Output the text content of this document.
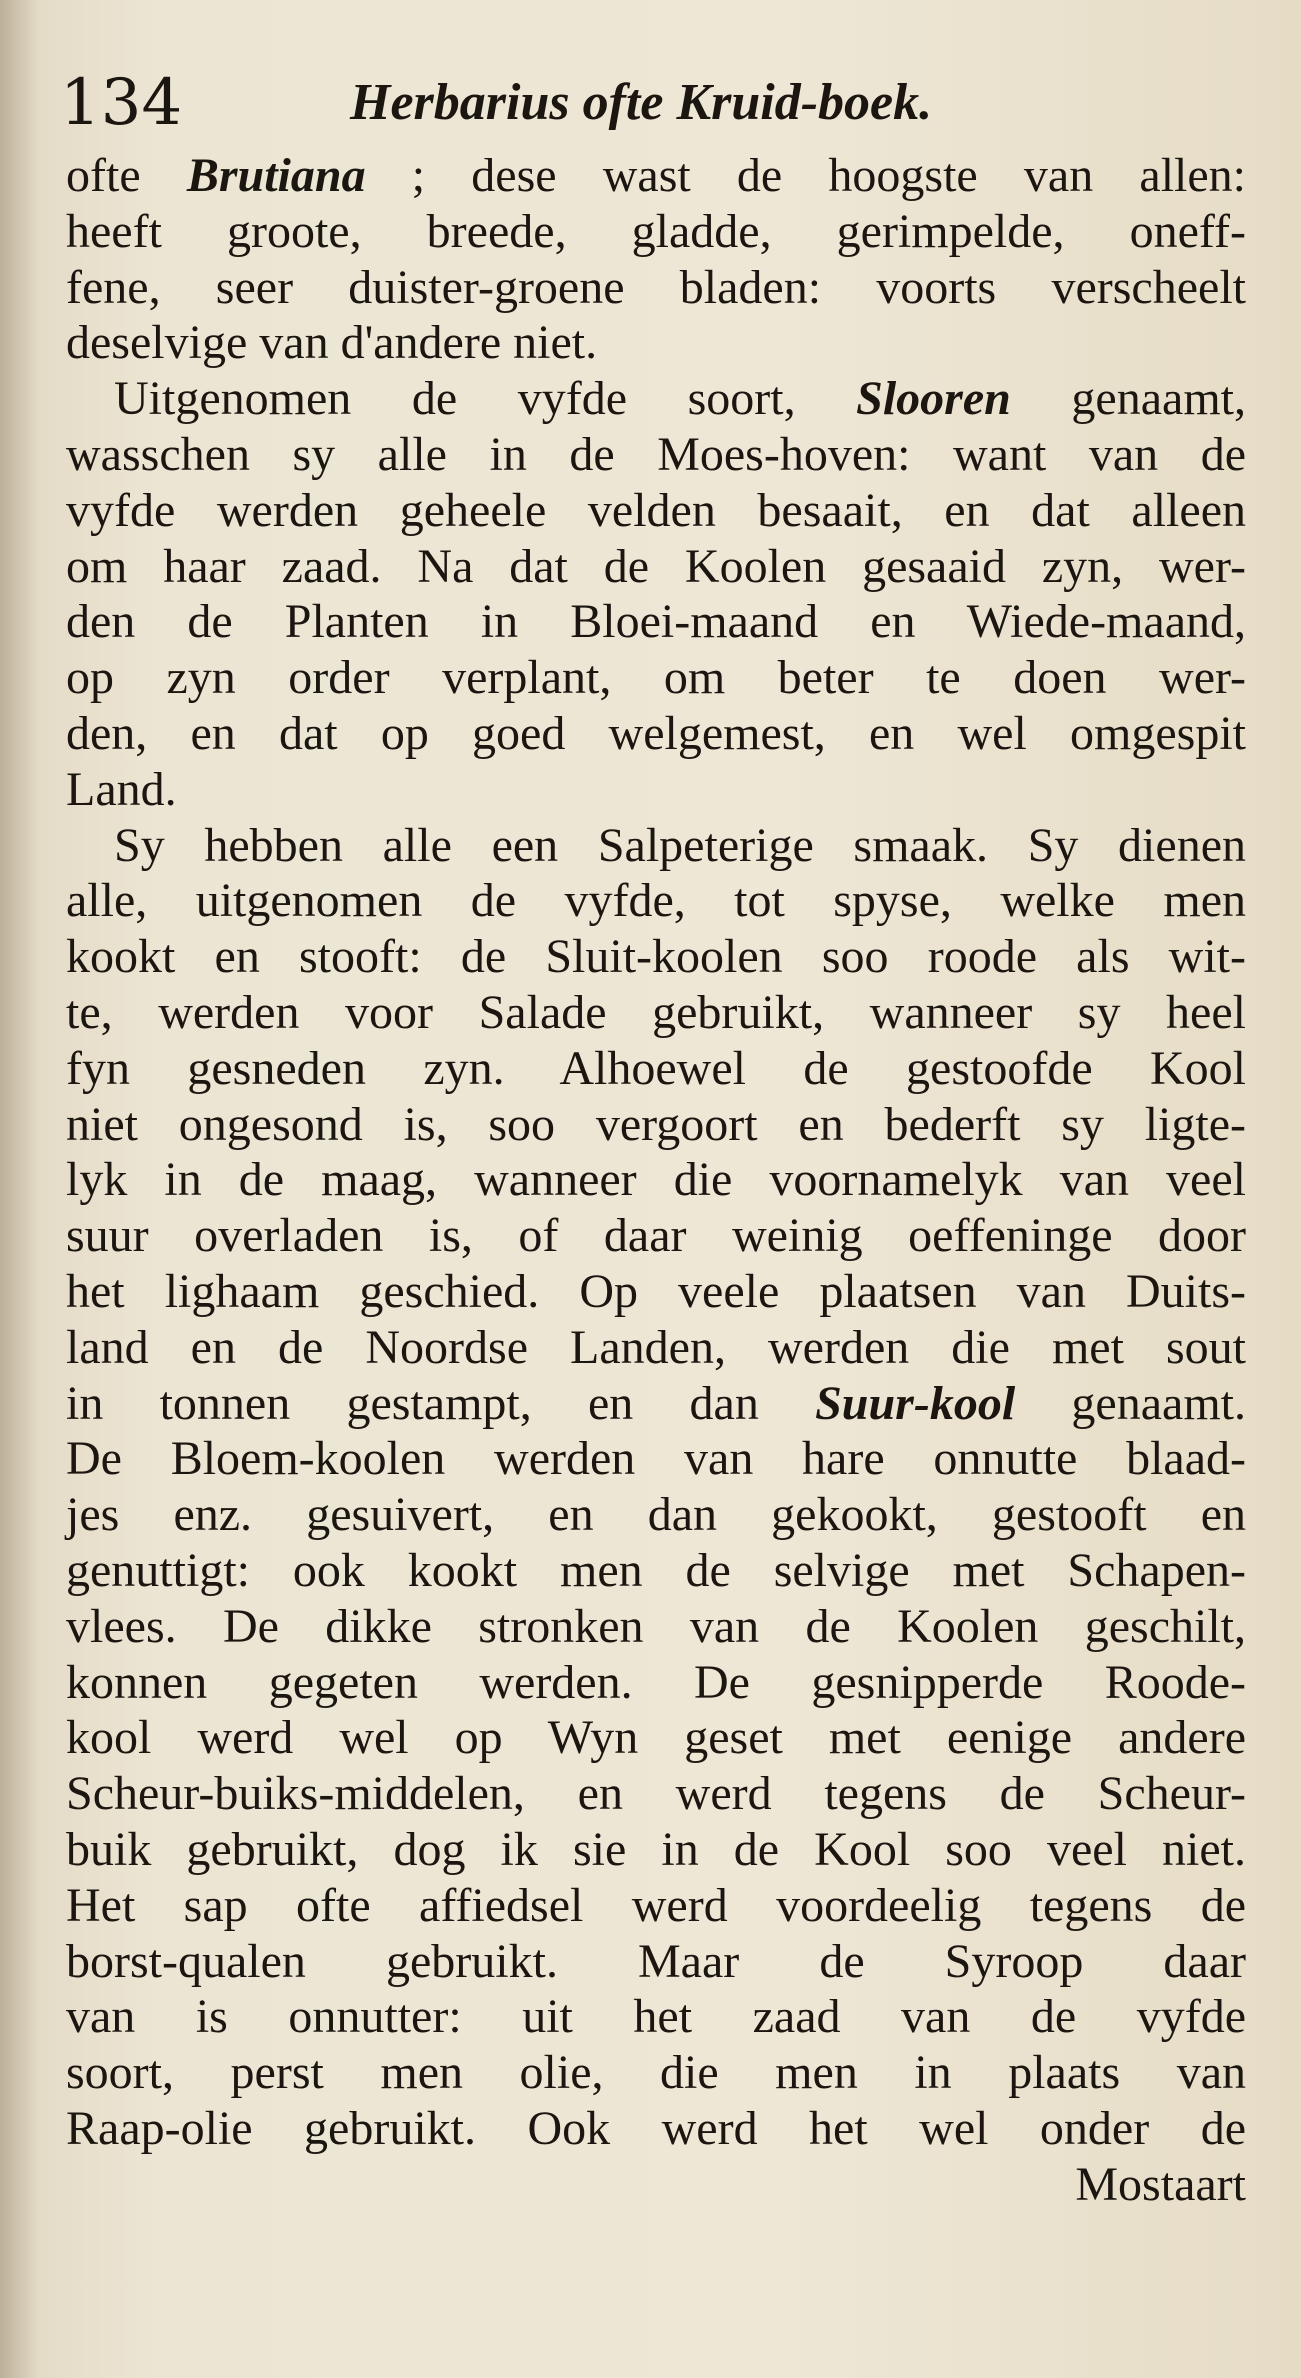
134	Herbarius ofte Kruid-boek.
ofte Brutiana ; dese wast de hoogste van allen:
heeft groote, breede, gladde, gerimpelde, oneff-
fene, seer duister-groene bladen: voorts verscheelt
deselvige van d'andere niet.
Uitgenomen de vyfde soort, Slooren genaamt,
wasschen sy alle in de Moes-hoven: want van de
vyfde werden geheele velden besaait, en dat alleen
om haar zaad. Na dat de Koolen gesaaid zyn, wer-
den de Planten in Bloei-maand en Wiede-maand,
op zyn order verplant, om beter te doen wer-
den, en dat op goed welgemest, en wel omgespit
Land.
Sy hebben alle een Salpeterige smaak. Sy dienen
alle, uitgenomen de vyfde, tot spyse, welke men
kookt en stooft: de Sluit-koolen soo roode als wit-
te, werden voor Salade gebruikt, wanneer sy heel
fyn gesneden zyn. Alhoewel de gestoofde Kool
niet ongesond is, soo vergoort en bederft sy ligte-
lyk in de maag, wanneer die voornamelyk van veel
suur overladen is, of daar weinig oeffeninge door
het lighaam geschied. Op veele plaatsen van Duits-
land en de Noordse Landen, werden die met sout
in tonnen gestampt, en dan Suur-kool genaamt.
De Bloem-koolen werden van hare onnutte blaad-
jes enz. gesuivert, en dan gekookt, gestooft en
genuttigt: ook kookt men de selvige met Schapen-
vlees. De dikke stronken van de Koolen geschilt,
konnen gegeten werden. De gesnipperde Roode-
kool werd wel op Wyn geset met eenige andere
Scheur-buiks-middelen, en werd tegens de Scheur-
buik gebruikt, dog ik sie in de Kool soo veel niet.
Het sap ofte affiedsel werd voordeelig tegens de
borst-qualen gebruikt. Maar de Syroop daar
van is onnutter: uit het zaad van de vyfde
soort, perst men olie, die men in plaats van
Raap-olie gebruikt. Ook werd het wel onder de
Mostaart
